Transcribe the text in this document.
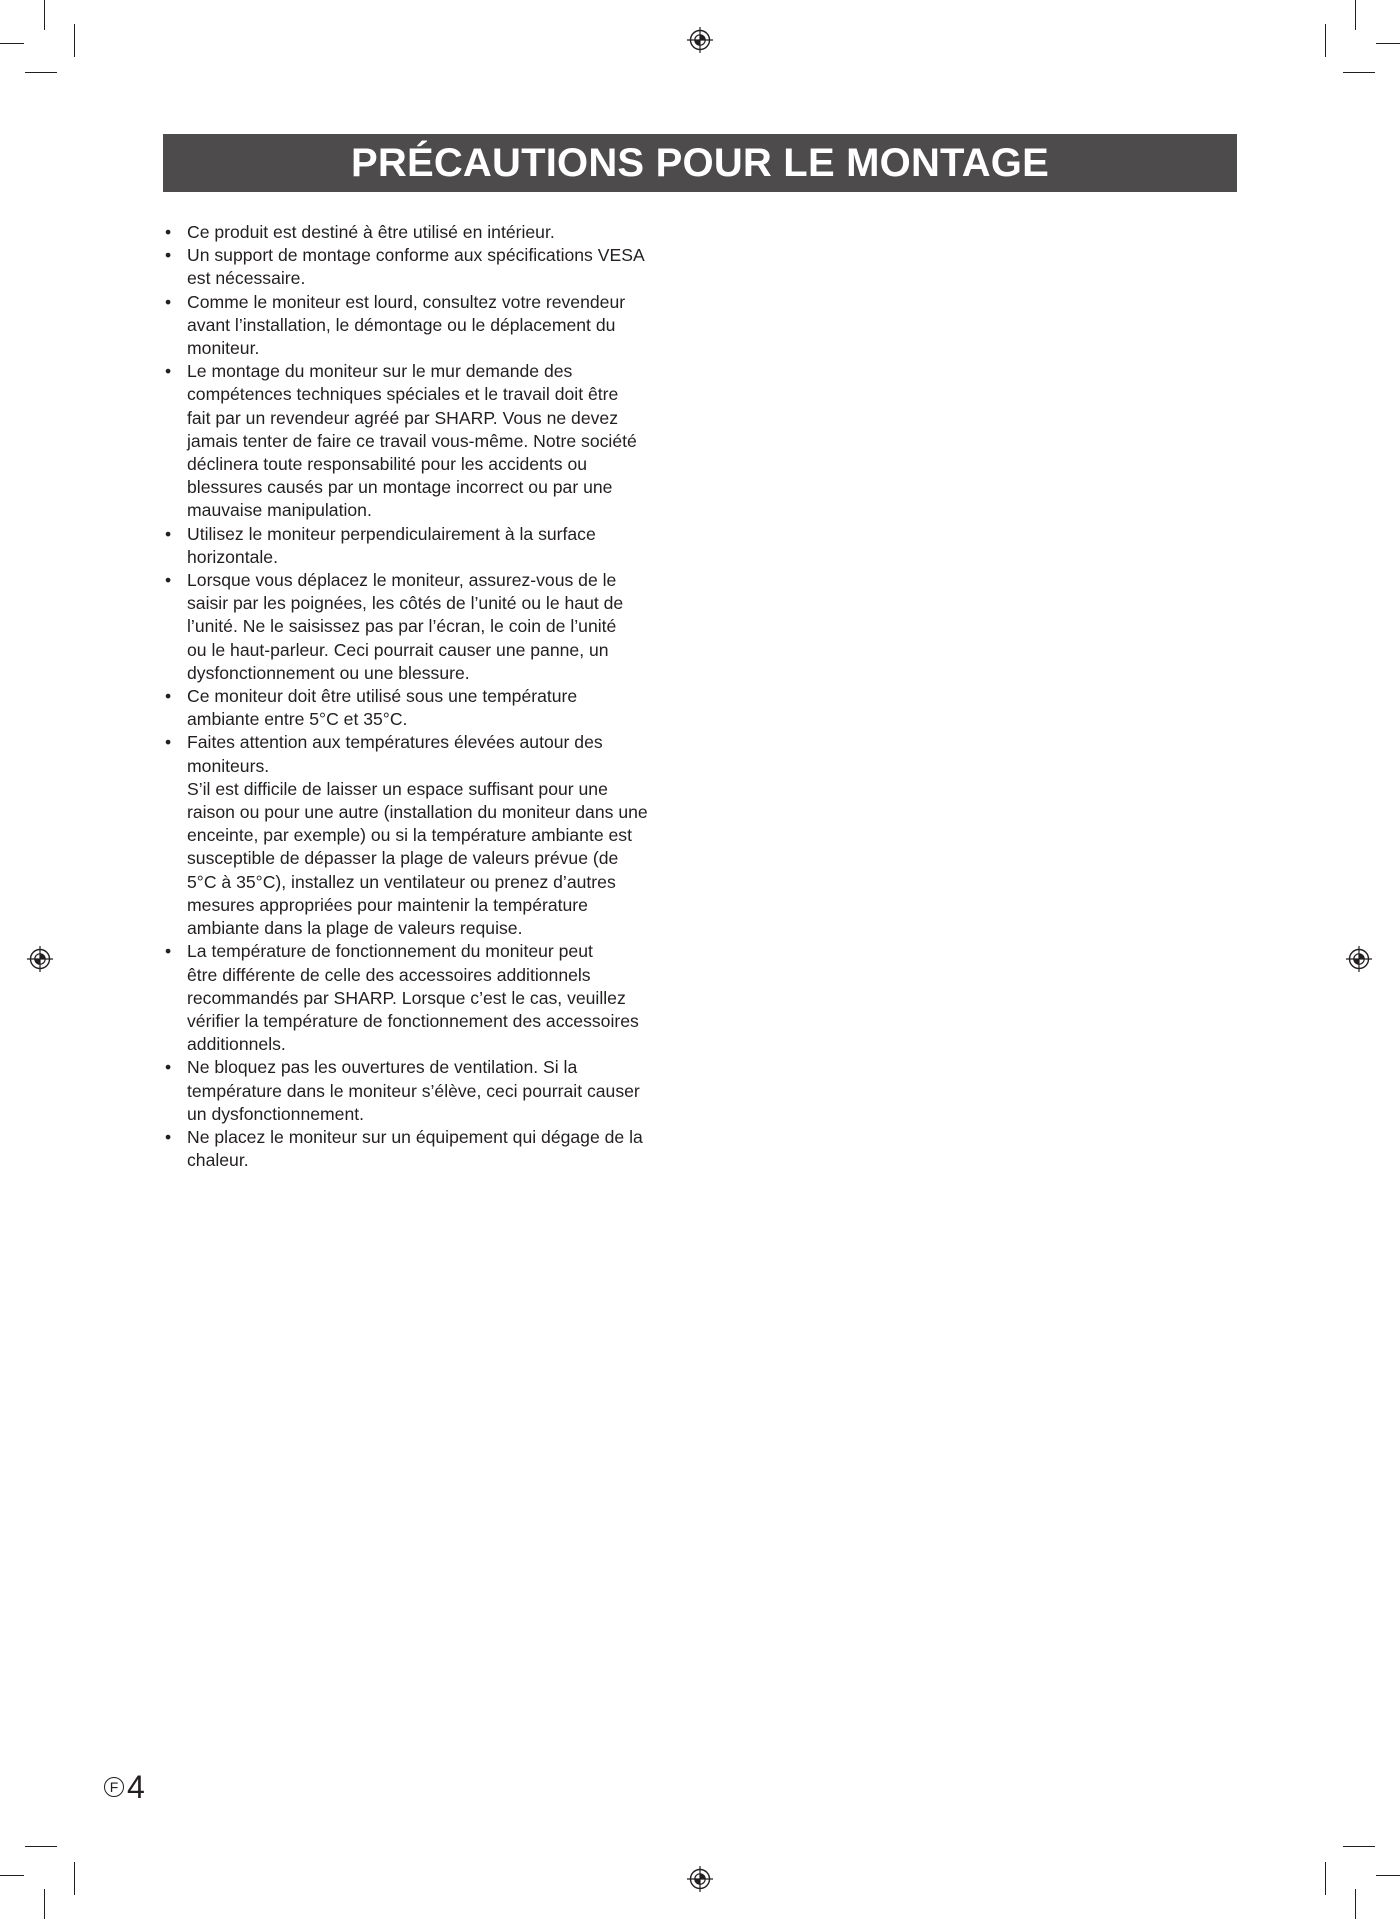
PRÉCAUTIONS POUR LE MONTAGE
• Ce produit est destiné à être utilisé en intérieur.
• Un support de montage conforme aux spécifications VESA
est nécessaire.
• Comme le moniteur est lourd, consultez votre revendeur
avant l’installation, le démontage ou le déplacement du
moniteur.
• Le montage du moniteur sur le mur demande des
compétences techniques spéciales et le travail doit être
fait par un revendeur agréé par SHARP. Vous ne devez
jamais tenter de faire ce travail vous-même. Notre société
déclinera toute responsabilité pour les accidents ou
blessures causés par un montage incorrect ou par une
mauvaise manipulation.
• Utilisez le moniteur perpendiculairement à la surface
horizontale.
• Lorsque vous déplacez le moniteur, assurez-vous de le
saisir par les poignées, les côtés de l’unité ou le haut de
l’unité. Ne le saisissez pas par l’écran, le coin de l’unité
ou le haut-parleur. Ceci pourrait causer une panne, un
dysfonctionnement ou une blessure.
• Ce moniteur doit être utilisé sous une température
ambiante entre 5°C et 35°C.
• Faites attention aux températures élevées autour des
moniteurs.
S’il est difficile de laisser un espace suffisant pour une
raison ou pour une autre (installation du moniteur dans une
enceinte, par exemple) ou si la température ambiante est
susceptible de dépasser la plage de valeurs prévue (de
5°C à 35°C), installez un ventilateur ou prenez d’autres
mesures appropriées pour maintenir la température
ambiante dans la plage de valeurs requise.
• La température de fonctionnement du moniteur peut
être différente de celle des accessoires additionnels
recommandés par SHARP. Lorsque c’est le cas, veuillez
vérifier la température de fonctionnement des accessoires
additionnels.
• Ne bloquez pas les ouvertures de ventilation. Si la
température dans le moniteur s’élève, ceci pourrait causer
un dysfonctionnement.
• Ne placez le moniteur sur un équipement qui dégage de la
chaleur.
F 4
